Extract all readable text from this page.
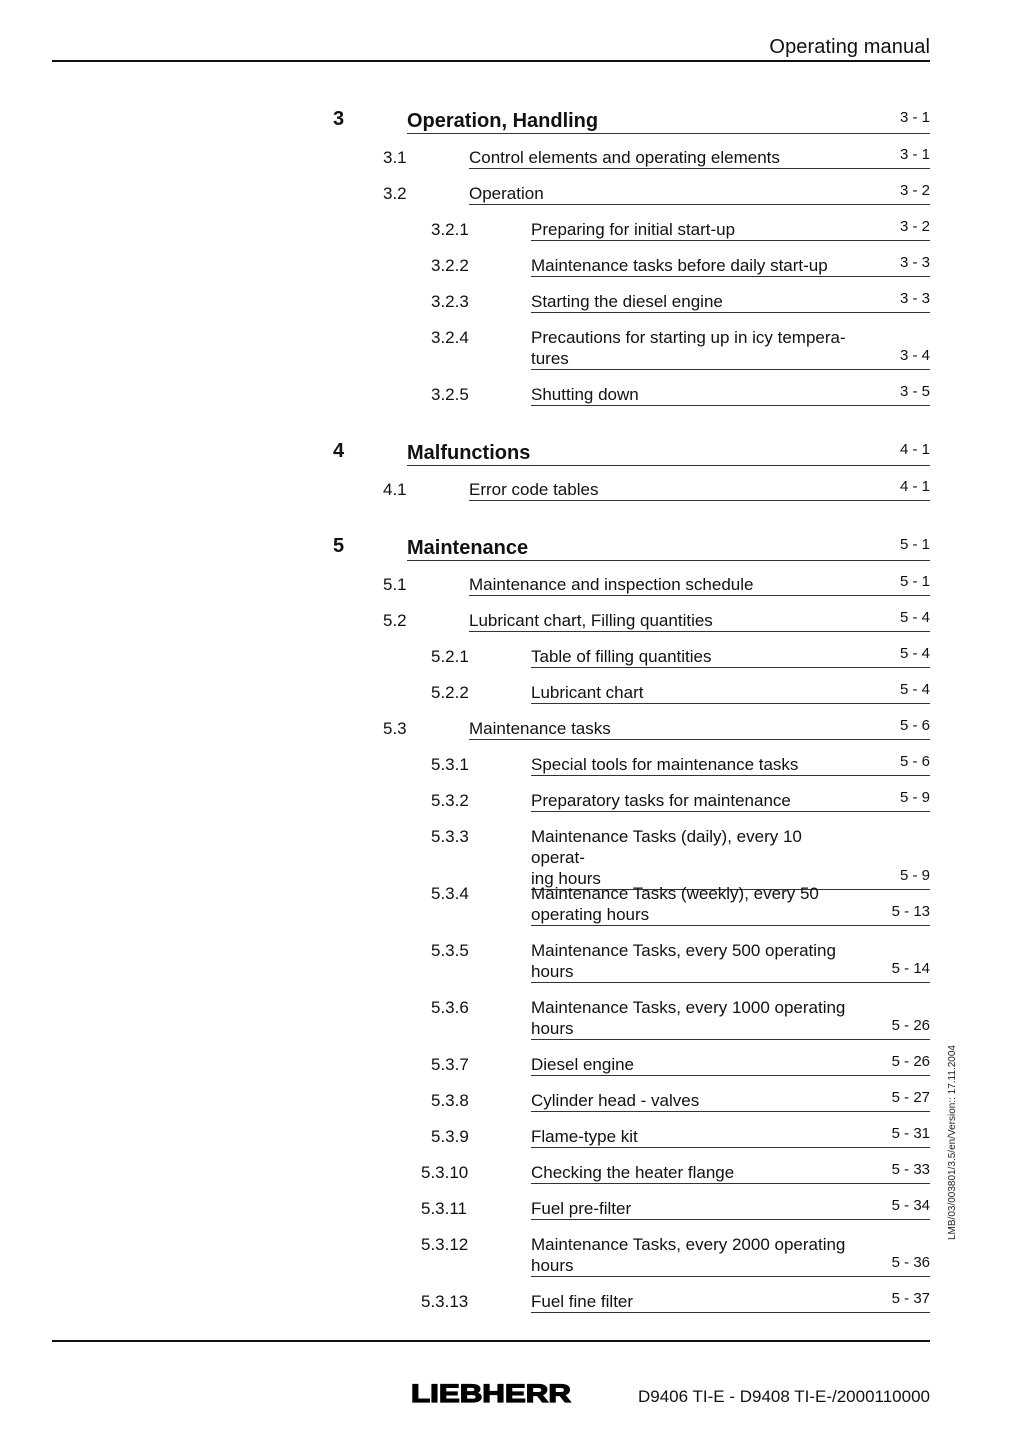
Operating manual
3	Operation, Handling	3 - 1
3.1	Control elements and operating elements	3 - 1
3.2	Operation	3 - 2
3.2.1	Preparing for initial start-up	3 - 2
3.2.2	Maintenance tasks before daily start-up	3 - 3
3.2.3	Starting the diesel engine	3 - 3
3.2.4	Precautions for starting up in icy tempera-
tures	3 - 4
3.2.5	Shutting down	3 - 5
4	Malfunctions	4 - 1
4.1	Error code tables	4 - 1
5	Maintenance	5 - 1
5.1	Maintenance and inspection schedule	5 - 1
5.2	Lubricant chart, Filling quantities	5 - 4
5.2.1	Table of filling quantities	5 - 4
5.2.2	Lubricant chart	5 - 4
5.3	Maintenance tasks	5 - 6
5.3.1	Special tools for maintenance tasks	5 - 6
5.3.2	Preparatory tasks for maintenance	5 - 9
5.3.3	Maintenance Tasks (daily), every 10 operat-
ing hours	5 - 9
5.3.4	Maintenance Tasks (weekly), every 50
operating hours	5 - 13
5.3.5	Maintenance Tasks, every 500 operating
hours	5 - 14
5.3.6	Maintenance Tasks, every 1000 operating
hours	5 - 26
5.3.7	Diesel engine	5 - 26
5.3.8	Cylinder head - valves	5 - 27
5.3.9	Flame-type kit	5 - 31
5.3.10	Checking the heater flange	5 - 33
5.3.11	Fuel pre-filter	5 - 34
5.3.12	Maintenance Tasks, every 2000 operating
hours	5 - 36
5.3.13	Fuel fine filter	5 - 37
LMB/03/003801/3.5/en/Version:: 17.11.2004
LIEBHERR	D9406 TI-E - D9408 TI-E-/2000110000
